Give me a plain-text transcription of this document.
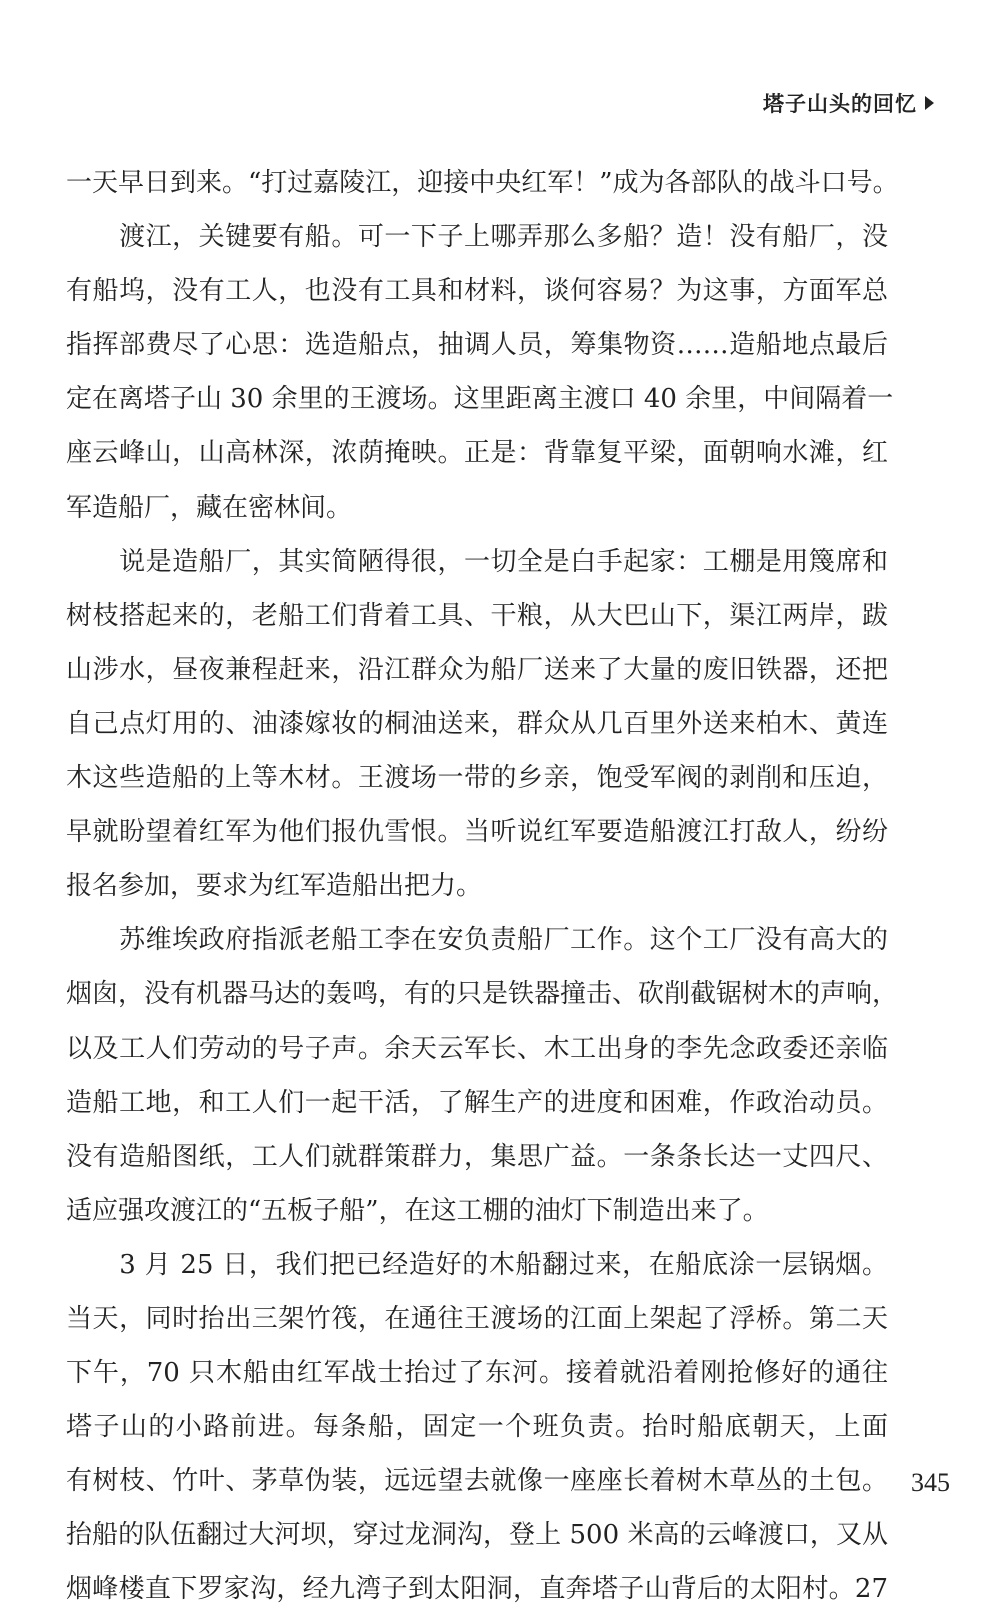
塔子山头的回忆
一天早日到来。“打过嘉陵江，迎接中央红军！”成为各部队的战斗口号。
　　渡江，关键要有船。可一下子上哪弄那么多船？造！没有船厂，没
有船坞，没有工人，也没有工具和材料，谈何容易？为这事，方面军总
指挥部费尽了心思：选造船点，抽调人员，筹集物资……造船地点最后
定在离塔子山 30 余里的王渡场。这里距离主渡口 40 余里，中间隔着一
座云峰山，山高林深，浓荫掩映。正是：背靠复平梁，面朝响水滩，红
军造船厂，藏在密林间。
　　说是造船厂，其实简陋得很，一切全是白手起家：工棚是用篾席和
树枝搭起来的，老船工们背着工具、干粮，从大巴山下，渠江两岸，跋
山涉水，昼夜兼程赶来，沿江群众为船厂送来了大量的废旧铁器，还把
自己点灯用的、油漆嫁妆的桐油送来，群众从几百里外送来柏木、黄连
木这些造船的上等木材。王渡场一带的乡亲，饱受军阀的剥削和压迫，
早就盼望着红军为他们报仇雪恨。当听说红军要造船渡江打敌人，纷纷
报名参加，要求为红军造船出把力。
　　苏维埃政府指派老船工李在安负责船厂工作。这个工厂没有高大的
烟囱，没有机器马达的轰鸣，有的只是铁器撞击、砍削截锯树木的声响，
以及工人们劳动的号子声。余天云军长、木工出身的李先念政委还亲临
造船工地，和工人们一起干活，了解生产的进度和困难，作政治动员。
没有造船图纸，工人们就群策群力，集思广益。一条条长达一丈四尺、
适应强攻渡江的“五板子船”，在这工棚的油灯下制造出来了。
　　3 月 25 日，我们把已经造好的木船翻过来，在船底涂一层锅烟。
当天，同时抬出三架竹筏，在通往王渡场的江面上架起了浮桥。第二天
下午，70 只木船由红军战士抬过了东河。接着就沿着刚抢修好的通往
塔子山的小路前进。每条船，固定一个班负责。抬时船底朝天，上面
有树枝、竹叶、茅草伪装，远远望去就像一座座长着树木草丛的土包。
抬船的队伍翻过大河坝，穿过龙洞沟，登上 500 米高的云峰渡口，又从
烟峰楼直下罗家沟，经九湾子到太阳洞，直奔塔子山背后的太阳村。27
345
